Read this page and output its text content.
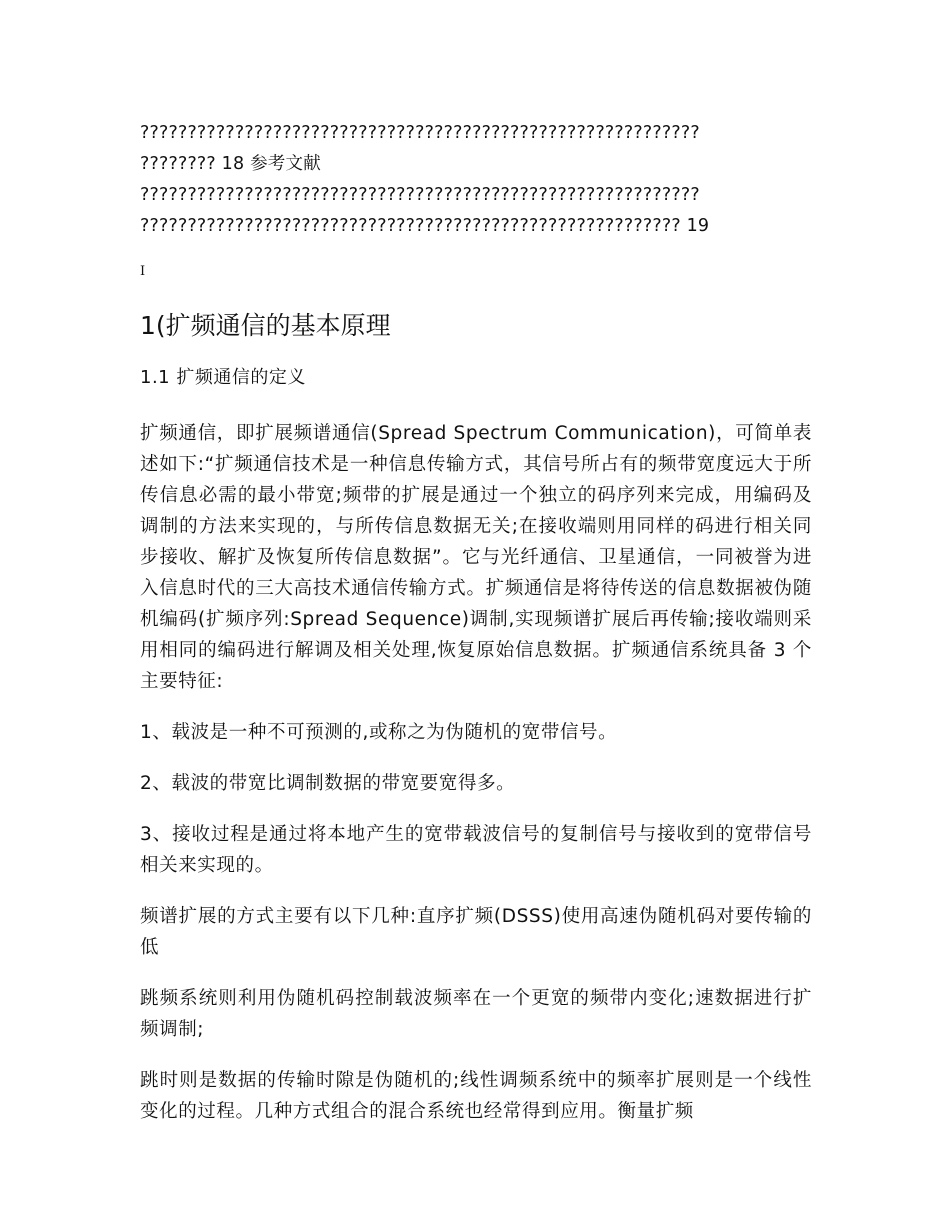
???????????????????????????????????????????????????????????
???????? 18 参考文献
???????????????????????????????????????????????????????????
????????????????????????????????????????????????????????? 19
I
1(扩频通信的基本原理
1.1 扩频通信的定义

扩频通信，即扩展频谱通信(Spread Spectrum Communication)，可简单表述如下:“扩频通信技术是一种信息传输方式，其信号所占有的频带宽度远大于所传信息必需的最小带宽;频带的扩展是通过一个独立的码序列来完成，用编码及调制的方法来实现的，与所传信息数据无关;在接收端则用同样的码进行相关同步接收、解扩及恢复所传信息数据”。它与光纤通信、卫星通信，一同被誉为进入信息时代的三大高技术通信传输方式。扩频通信是将待传送的信息数据被伪随机编码(扩频序列:Spread Sequence)调制,实现频谱扩展后再传输;接收端则采用相同的编码进行解调及相关处理,恢复原始信息数据。扩频通信系统具备 3 个主要特征:

1、载波是一种不可预测的,或称之为伪随机的宽带信号。

2、载波的带宽比调制数据的带宽要宽得多。

3、接收过程是通过将本地产生的宽带载波信号的复制信号与接收到的宽带信号相关来实现的。

频谱扩展的方式主要有以下几种:直序扩频(DSSS)使用高速伪随机码对要传输的低

跳频系统则利用伪随机码控制载波频率在一个更宽的频带内变化;速数据进行扩频调制;

跳时则是数据的传输时隙是伪随机的;线性调频系统中的频率扩展则是一个线性变化的过程。几种方式组合的混合系统也经常得到应用。衡量扩频
